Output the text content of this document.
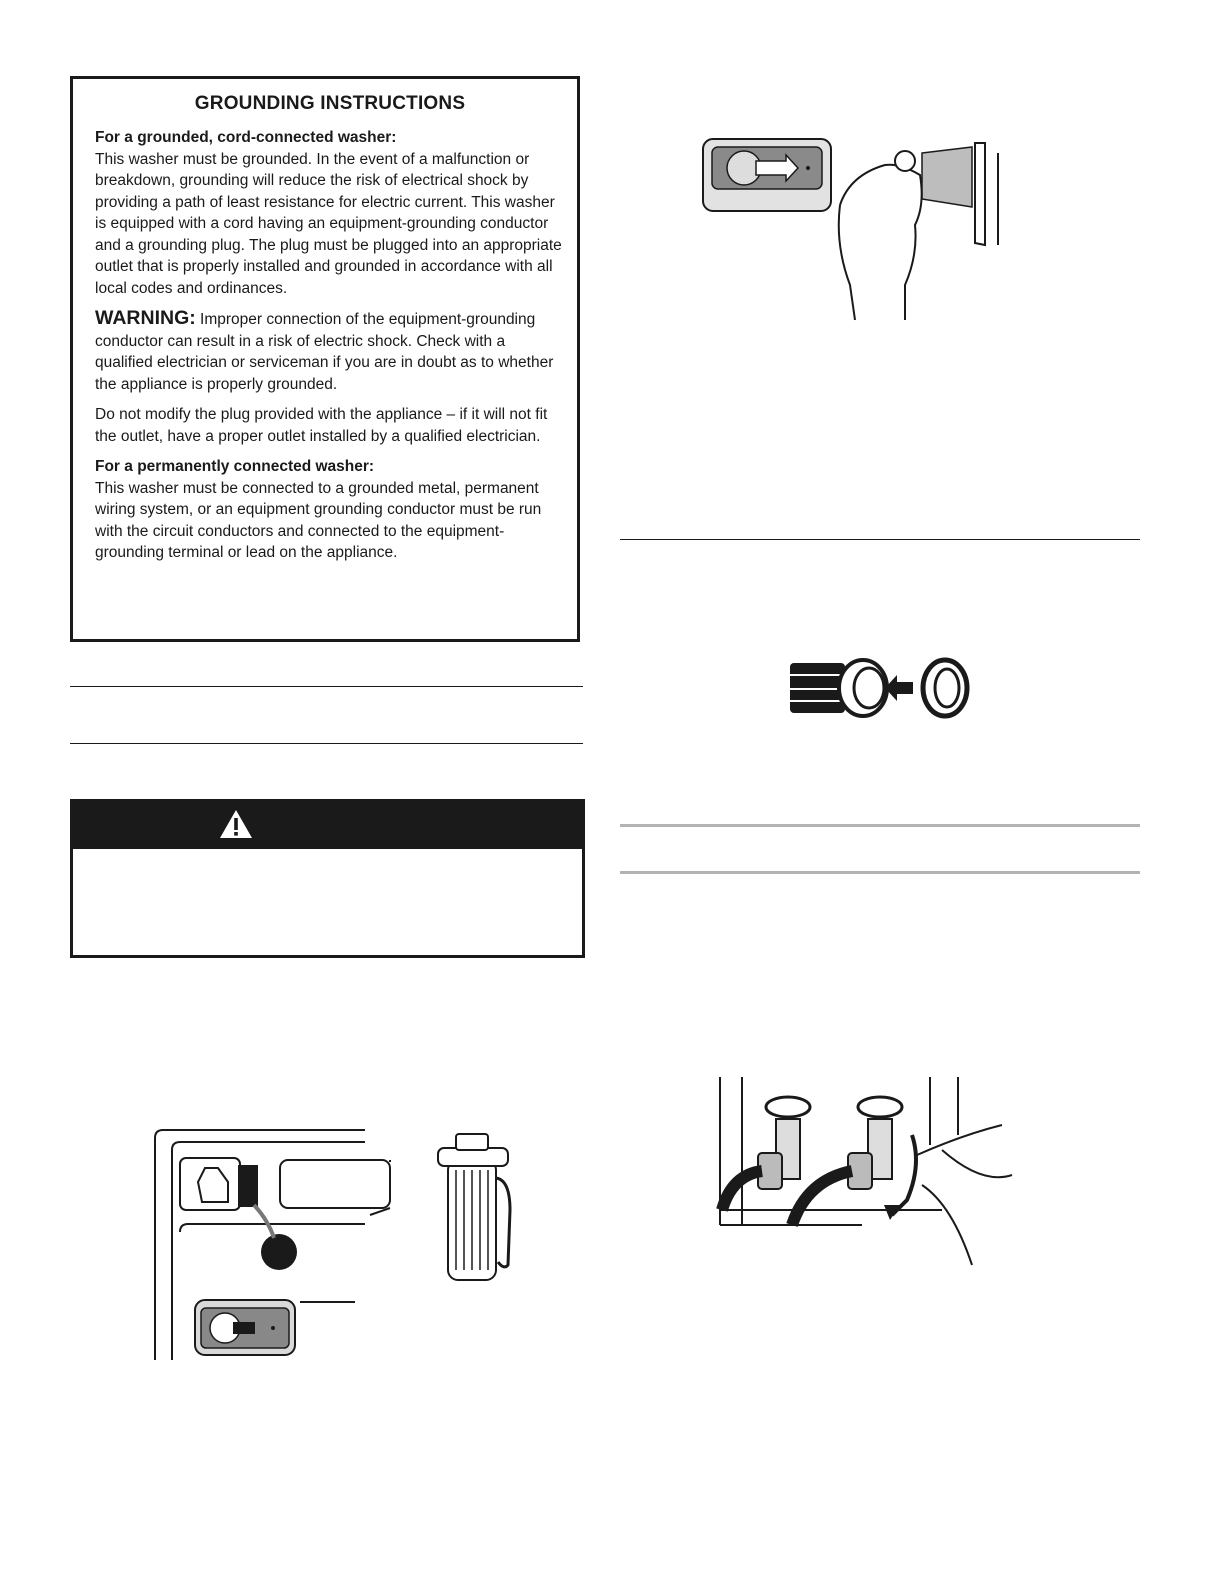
GROUNDING INSTRUCTIONS

For a grounded, cord-connected washer:
This washer must be grounded. In the event of a malfunction or breakdown, grounding will reduce the risk of electrical shock by providing a path of least resistance for electric current. This washer is equipped with a cord having an equipment-grounding conductor and a grounding plug. The plug must be plugged into an appropriate outlet that is properly installed and grounded in accordance with all local codes and ordinances.

WARNING: Improper connection of the equipment-grounding conductor can result in a risk of electric shock. Check with a qualified electrician or serviceman if you are in doubt as to whether the appliance is properly grounded.

Do not modify the plug provided with the appliance – if it will not fit the outlet, have a proper outlet installed by a qualified electrician.

For a permanently connected washer:
This washer must be connected to a grounded metal, permanent wiring system, or an equipment grounding conductor must be run with the circuit conductors and connected to the equipment-grounding terminal or lead on the appliance.
